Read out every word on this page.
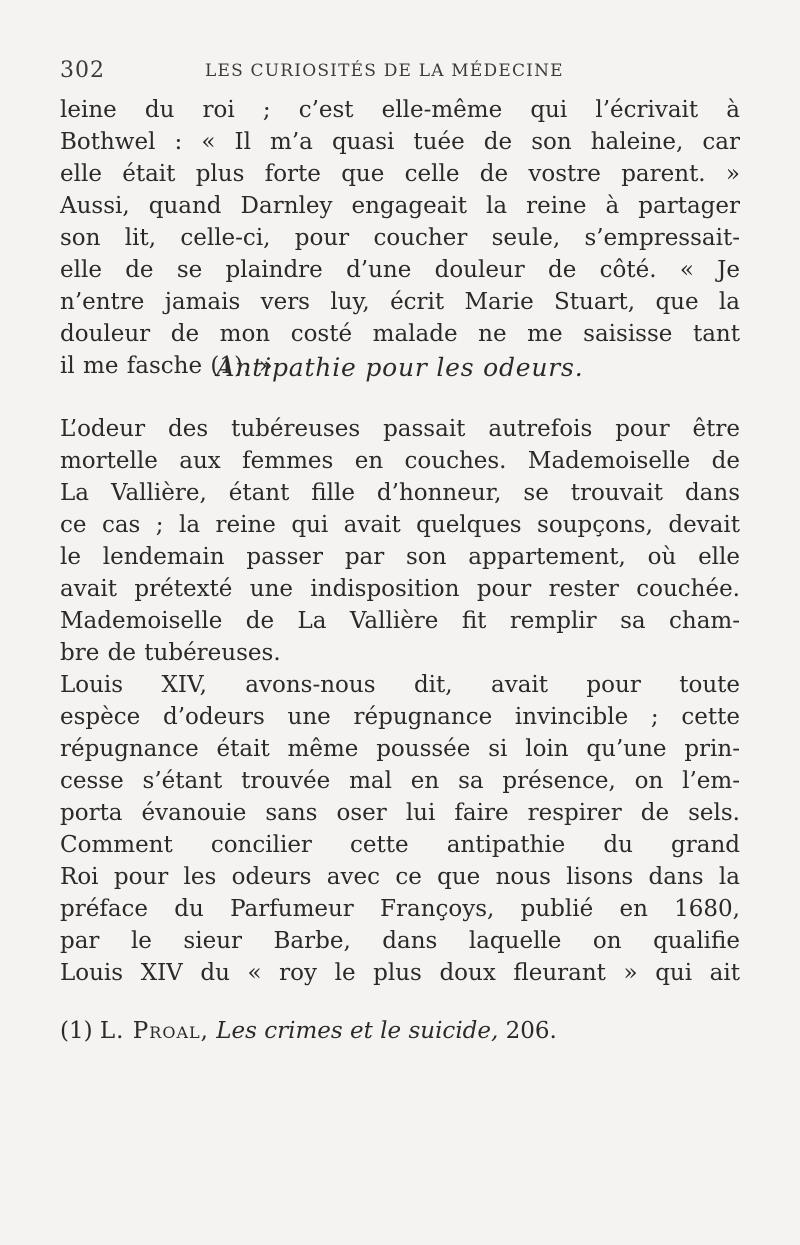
302	LES CURIOSITÉS DE LA MÉDECINE
leine du roi ; c’est elle-même qui l’écrivait à
Bothwel : « Il m’a quasi tuée de son haleine, car
elle était plus forte que celle de vostre parent. »
Aussi, quand Darnley engageait la reine à partager
son lit, celle-ci, pour coucher seule, s’empressait-
elle de se plaindre d’une douleur de côté. « Je
n’entre jamais vers luy, écrit Marie Stuart, que la
douleur de mon costé malade ne me saisisse tant
il me fasche (1). »
Antipathie pour les odeurs.
L’odeur des tubéreuses passait autrefois pour être
mortelle aux femmes en couches. Mademoiselle de
La Vallière, étant fille d’honneur, se trouvait dans
ce cas ; la reine qui avait quelques soupçons, devait
le lendemain passer par son appartement, où elle
avait prétexté une indisposition pour rester couchée.
Mademoiselle de La Vallière fit remplir sa cham-
bre de tubéreuses.
Louis XIV, avons-nous dit, avait pour toute
espèce d’odeurs une répugnance invincible ; cette
répugnance était même poussée si loin qu’une prin-
cesse s’étant trouvée mal en sa présence, on l’em-
porta évanouie sans oser lui faire respirer de sels.
Comment concilier cette antipathie du grand
Roi pour les odeurs avec ce que nous lisons dans la
préface du Parfumeur Françoys, publié en 1680,
par le sieur Barbe, dans laquelle on qualifie
Louis XIV du « roy le plus doux fleurant » qui ait
(1) L. Proal, Les crimes et le suicide, 206.
